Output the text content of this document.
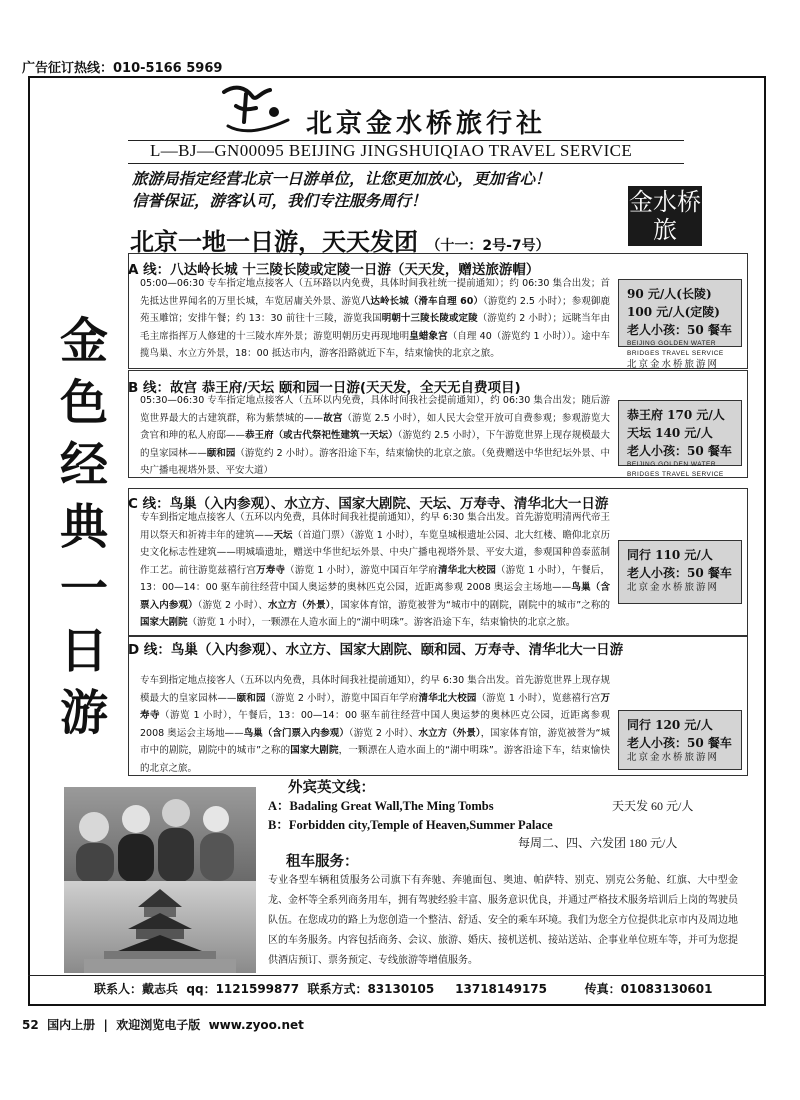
广告征订热线：010-5166 5969
北京金水桥旅行社
L—BJ—GN00095 BEIJING JINGSHUIQIAO TRAVEL SERVICE
旅游局指定经营北京一日游单位，让您更加放心，更加省心！
信誉保证，游客认可，我们专注服务周行！	金水桥旅
北京一地一日游，天天发团 （十一：2号-7号）
金
色
经
典
一
日
游
A 线：八达岭长城 十三陵长陵或定陵一日游（天天发，赠送旅游帽）
05:00—06:30 专车指定地点接客人（五环路以内免费，具体时间我社统一提前通知）；约 06:30 集合出发；首先抵达世界闻名的万里长城，车览居庸关外景、游览八达岭长城（滑车自理 60）（游览约 2.5 小时）；参观御鹿苑玉雕馆；安排午餐；约 13：30 前往十三陵，游览我国明朝十三陵长陵或定陵（游览约 2 小时）；远眺当年由毛主席指挥万人修建的十三陵水库外景；游览明朝历史再现地明皇蜡象宫（自理 40（游览约 1 小时））。途中车揽鸟巢、水立方外景，18：00 抵达市内，游客沿路就近下车，结束愉快的北京之旅。
B 线：故宫 恭王府/天坛 颐和园一日游(天天发，全天无自费项目)
05:30—06:30 专车指定地点接客人（五环以内免费，具体时间我社会提前通知），约 06:30 集合出发；随后游览世界最大的古建筑群，称为紫禁城的——故宫（游览 2.5 小时），如人民大会堂开放可自费参观；参观游览大贪官和珅的私人府邸——恭王府（或古代祭祀性建筑一天坛）（游览约 2.5 小时），下午游览世界上现存规模最大的皇家园林——颐和园（游览约 2 小时）。游客沿途下车，结束愉快的北京之旅。（免费赠送中华世纪坛外景、中央广播电视塔外景、平安大道）
C 线：鸟巢（入内参观）、水立方、国家大剧院、天坛、万寿寺、清华北大一日游
专车到指定地点接客人（五环以内免费，具体时间我社提前通知），约早 6:30 集合出发。首先游览明清两代帝王用以祭天和祈祷丰年的建筑——天坛（首道门票）（游览 1 小时），车览皇城根遗址公园、北大红楼、瞻仰北京历史文化标志性建筑——明城墙遗址，赠送中华世纪坛外景、中央广播电视塔外景、平安大道，参观国种兽泰蓝制作工艺。前往游览兹禧行宫万寿寺（游览 1 小时），游览中国百年学府清华北大校园（游览 1 小时），午餐后，13：00—14：00 驱车前往经营中国人奥运梦的奥林匹克公园，近距离参观 2008 奥运会主场地——鸟巢（含票入内参观）（游览 2 小时）、水立方（外景），国家体育馆，游览被誉为“城市中的剧院，剧院中的城市”之称的国家大剧院（游览 1 小时），一颗漂在人造水面上的“湖中明珠”。游客沿途下车，结束愉快的北京之旅。
D 线：鸟巢（入内参观）、水立方、国家大剧院、颐和园、万寿寺、清华北大一日游
专车到指定地点接客人（五环以内免费，具体时间我社提前通知），约早 6:30 集合出发。首先游览世界上现存规模最大的皇家园林——颐和园（游览 2 小时），游览中国百年学府清华北大校园（游览 1 小时），览慈禧行宫万寿寺（游览 1 小时），午餐后，13：00—14：00 驱车前往经营中国人奥运梦的奥林匹克公园，近距离参观 2008 奥运会主场地——鸟巢（含门票入内参观）（游览 2 小时）、水立方（外景），国家体育馆，游览被誉为“城市中的剧院，剧院中的城市”之称的国家大剧院，一颗漂在人造水面上的“湖中明珠”。游客沿途下车，结束愉快的北京之旅。
90 元/人(长陵)
100 元/人(定陵)
老人小孩：50 餐车
BEIJING GOLDEN WATER BRIDGES TRAVEL SERVICE
北京金水桥旅游网
恭王府 170 元/人
天坛 140 元/人
老人小孩：50 餐车
BEIJING GOLDEN WATER BRIDGES TRAVEL SERVICE
同行 110 元/人
老人小孩：50 餐车
北京金水桥旅游网
同行 120 元/人
老人小孩：50 餐车
北京金水桥旅游网
外宾英文线：
A：Badaling Great Wall,The Ming Tombs	天天发 60 元/人
B：Forbidden city,Temple of Heaven,Summer Palace
每周二、四、六发团 180 元/人
租车服务：
专业各型车辆租赁服务公司旗下有奔驰、奔驰面包、奥迪、帕萨特、别克、别克公务舱、红旗、大中型金龙、金杯等全系列商务用车，拥有驾驶经验丰富、服务意识优良，并通过严格技术服务培训后上岗的驾驶员队伍。在您成功的路上为您创造一个整洁、舒适、安全的乘车环境。我们为您全方位提供北京市内及周边地区的车务服务。内容包括商务、会议、旅游、婚庆、接机送机、接站送站、企事业单位班车等，并可为您提供酒店预订、票务预定、专线旅游等增值服务。
联系人：戴志兵 qq：1121599877 联系方式：83130105 13718149175	传真：01083130601
52 国内上册 | 欢迎浏览电子版 www.zyoo.net
